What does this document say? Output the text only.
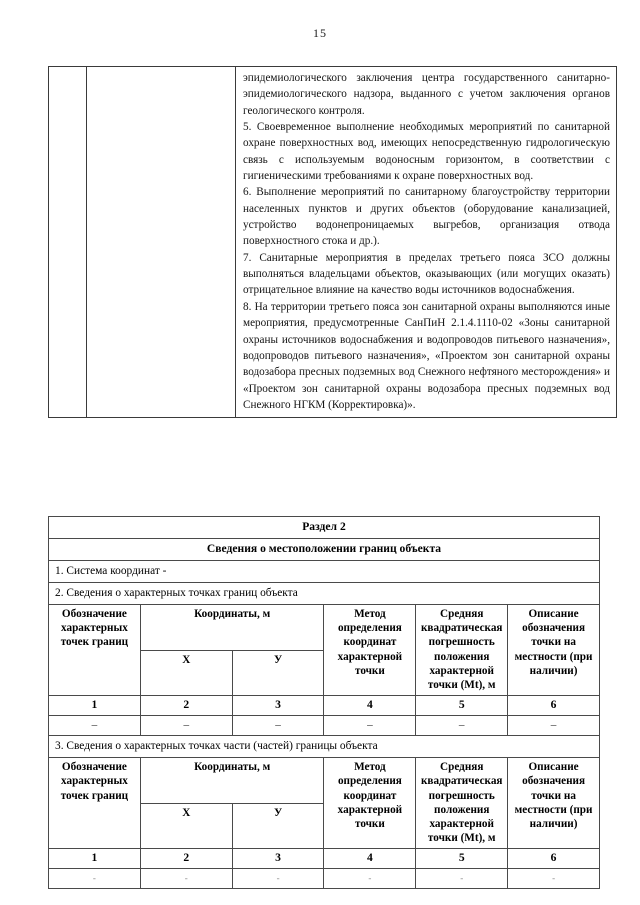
15

эпидемиологического заключения центра государственного санитарно-эпидемиологического надзора, выданного с учетом заключения органов геологического контроля.

5. Своевременное выполнение необходимых мероприятий по санитарной охране поверхностных вод, имеющих непосредственную гидрологическую связь с используемым водоносным горизонтом, в соответствии с гигиеническими требованиями к охране поверхностных вод.

6. Выполнение мероприятий по санитарному благоустройству территории населенных пунктов и других объектов (оборудование канализацией, устройство водонепроницаемых выгребов, организация отвода поверхностного стока и др.).

7. Санитарные мероприятия в пределах третьего пояса ЗСО должны выполняться владельцами объектов, оказывающих (или могущих оказать) отрицательное влияние на качество воды источников водоснабжения.

8. На территории третьего пояса зон санитарной охраны выполняются иные мероприятия, предусмотренные СанПиН 2.1.4.1110-02 «Зоны санитарной охраны источников водоснабжения и водопроводов питьевого назначения», водопроводов питьевого назначения», «Проектом зон санитарной охраны водозабора пресных подземных вод Снежного нефтяного месторождения» и «Проектом зон санитарной охраны водозабора пресных подземных вод Снежного НГКМ (Корректировка)».

Раздел 2					
Сведения о местоположении границ объекта					
1. Система координат -					
2. Сведения о характерных точках границ объекта					
Обозначение характерных точек границ	Координаты, м		Метод определения координат характерной точки	Средняя квадратическая погрешность положения характерной точки (Mt), м	Описание обозначения точки на местности (при наличии)
	X	У			
1	2	3	4	5	6
–	–	–	–	–	–
3. Сведения о характерных точках части (частей) границы объекта					
Обозначение характерных точек границ	Координаты, м		Метод определения координат характерной точки	Средняя квадратическая погрешность положения характерной точки (Mt), м	Описание обозначения точки на местности (при наличии)
	X	У			
1	2	3	4	5	6
-	-	-	-	-	-
